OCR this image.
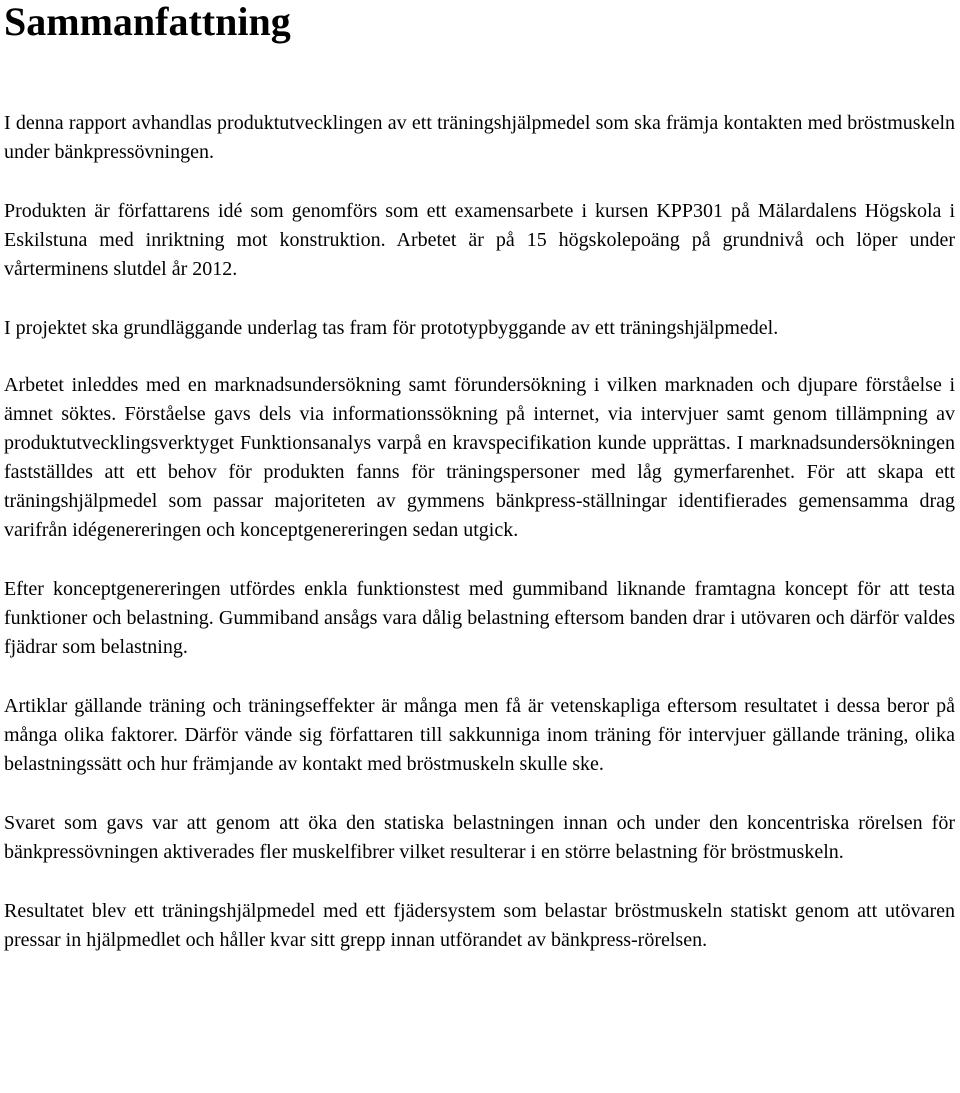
Sammanfattning

I denna rapport avhandlas produktutvecklingen av ett träningshjälpmedel som ska främja kontakten med bröstmuskeln under bänkpressövningen.

Produkten är författarens idé som genomförs som ett examensarbete i kursen KPP301 på Mälardalens Högskola i Eskilstuna med inriktning mot konstruktion. Arbetet är på 15 högskolepoäng på grundnivå och löper under vårterminens slutdel år 2012.

I projektet ska grundläggande underlag tas fram för prototypbyggande av ett träningshjälpmedel.

Arbetet inleddes med en marknadsundersökning samt förundersökning i vilken marknaden och djupare förståelse i ämnet söktes. Förståelse gavs dels via informationssökning på internet, via intervjuer samt genom tillämpning av produktutvecklingsverktyget Funktionsanalys varpå en kravspecifikation kunde upprättas. I marknadsundersökningen fastställdes att ett behov för produkten fanns för träningspersoner med låg gymerfarenhet. För att skapa ett träningshjälpmedel som passar majoriteten av gymmens bänkpress-ställningar identifierades gemensamma drag varifrån idégenereringen och konceptgenereringen sedan utgick.

Efter konceptgenereringen utfördes enkla funktionstest med gummiband liknande framtagna koncept för att testa funktioner och belastning. Gummiband ansågs vara dålig belastning eftersom banden drar i utövaren och därför valdes fjädrar som belastning.

Artiklar gällande träning och träningseffekter är många men få är vetenskapliga eftersom resultatet i dessa beror på många olika faktorer. Därför vände sig författaren till sakkunniga inom träning för intervjuer gällande träning, olika belastningssätt och hur främjande av kontakt med bröstmuskeln skulle ske.

Svaret som gavs var att genom att öka den statiska belastningen innan och under den koncentriska rörelsen för bänkpressövningen aktiverades fler muskelfibrer vilket resulterar i en större belastning för bröstmuskeln.

Resultatet blev ett träningshjälpmedel med ett fjädersystem som belastar bröstmuskeln statiskt genom att utövaren pressar in hjälpmedlet och håller kvar sitt grepp innan utförandet av bänkpress-rörelsen.
